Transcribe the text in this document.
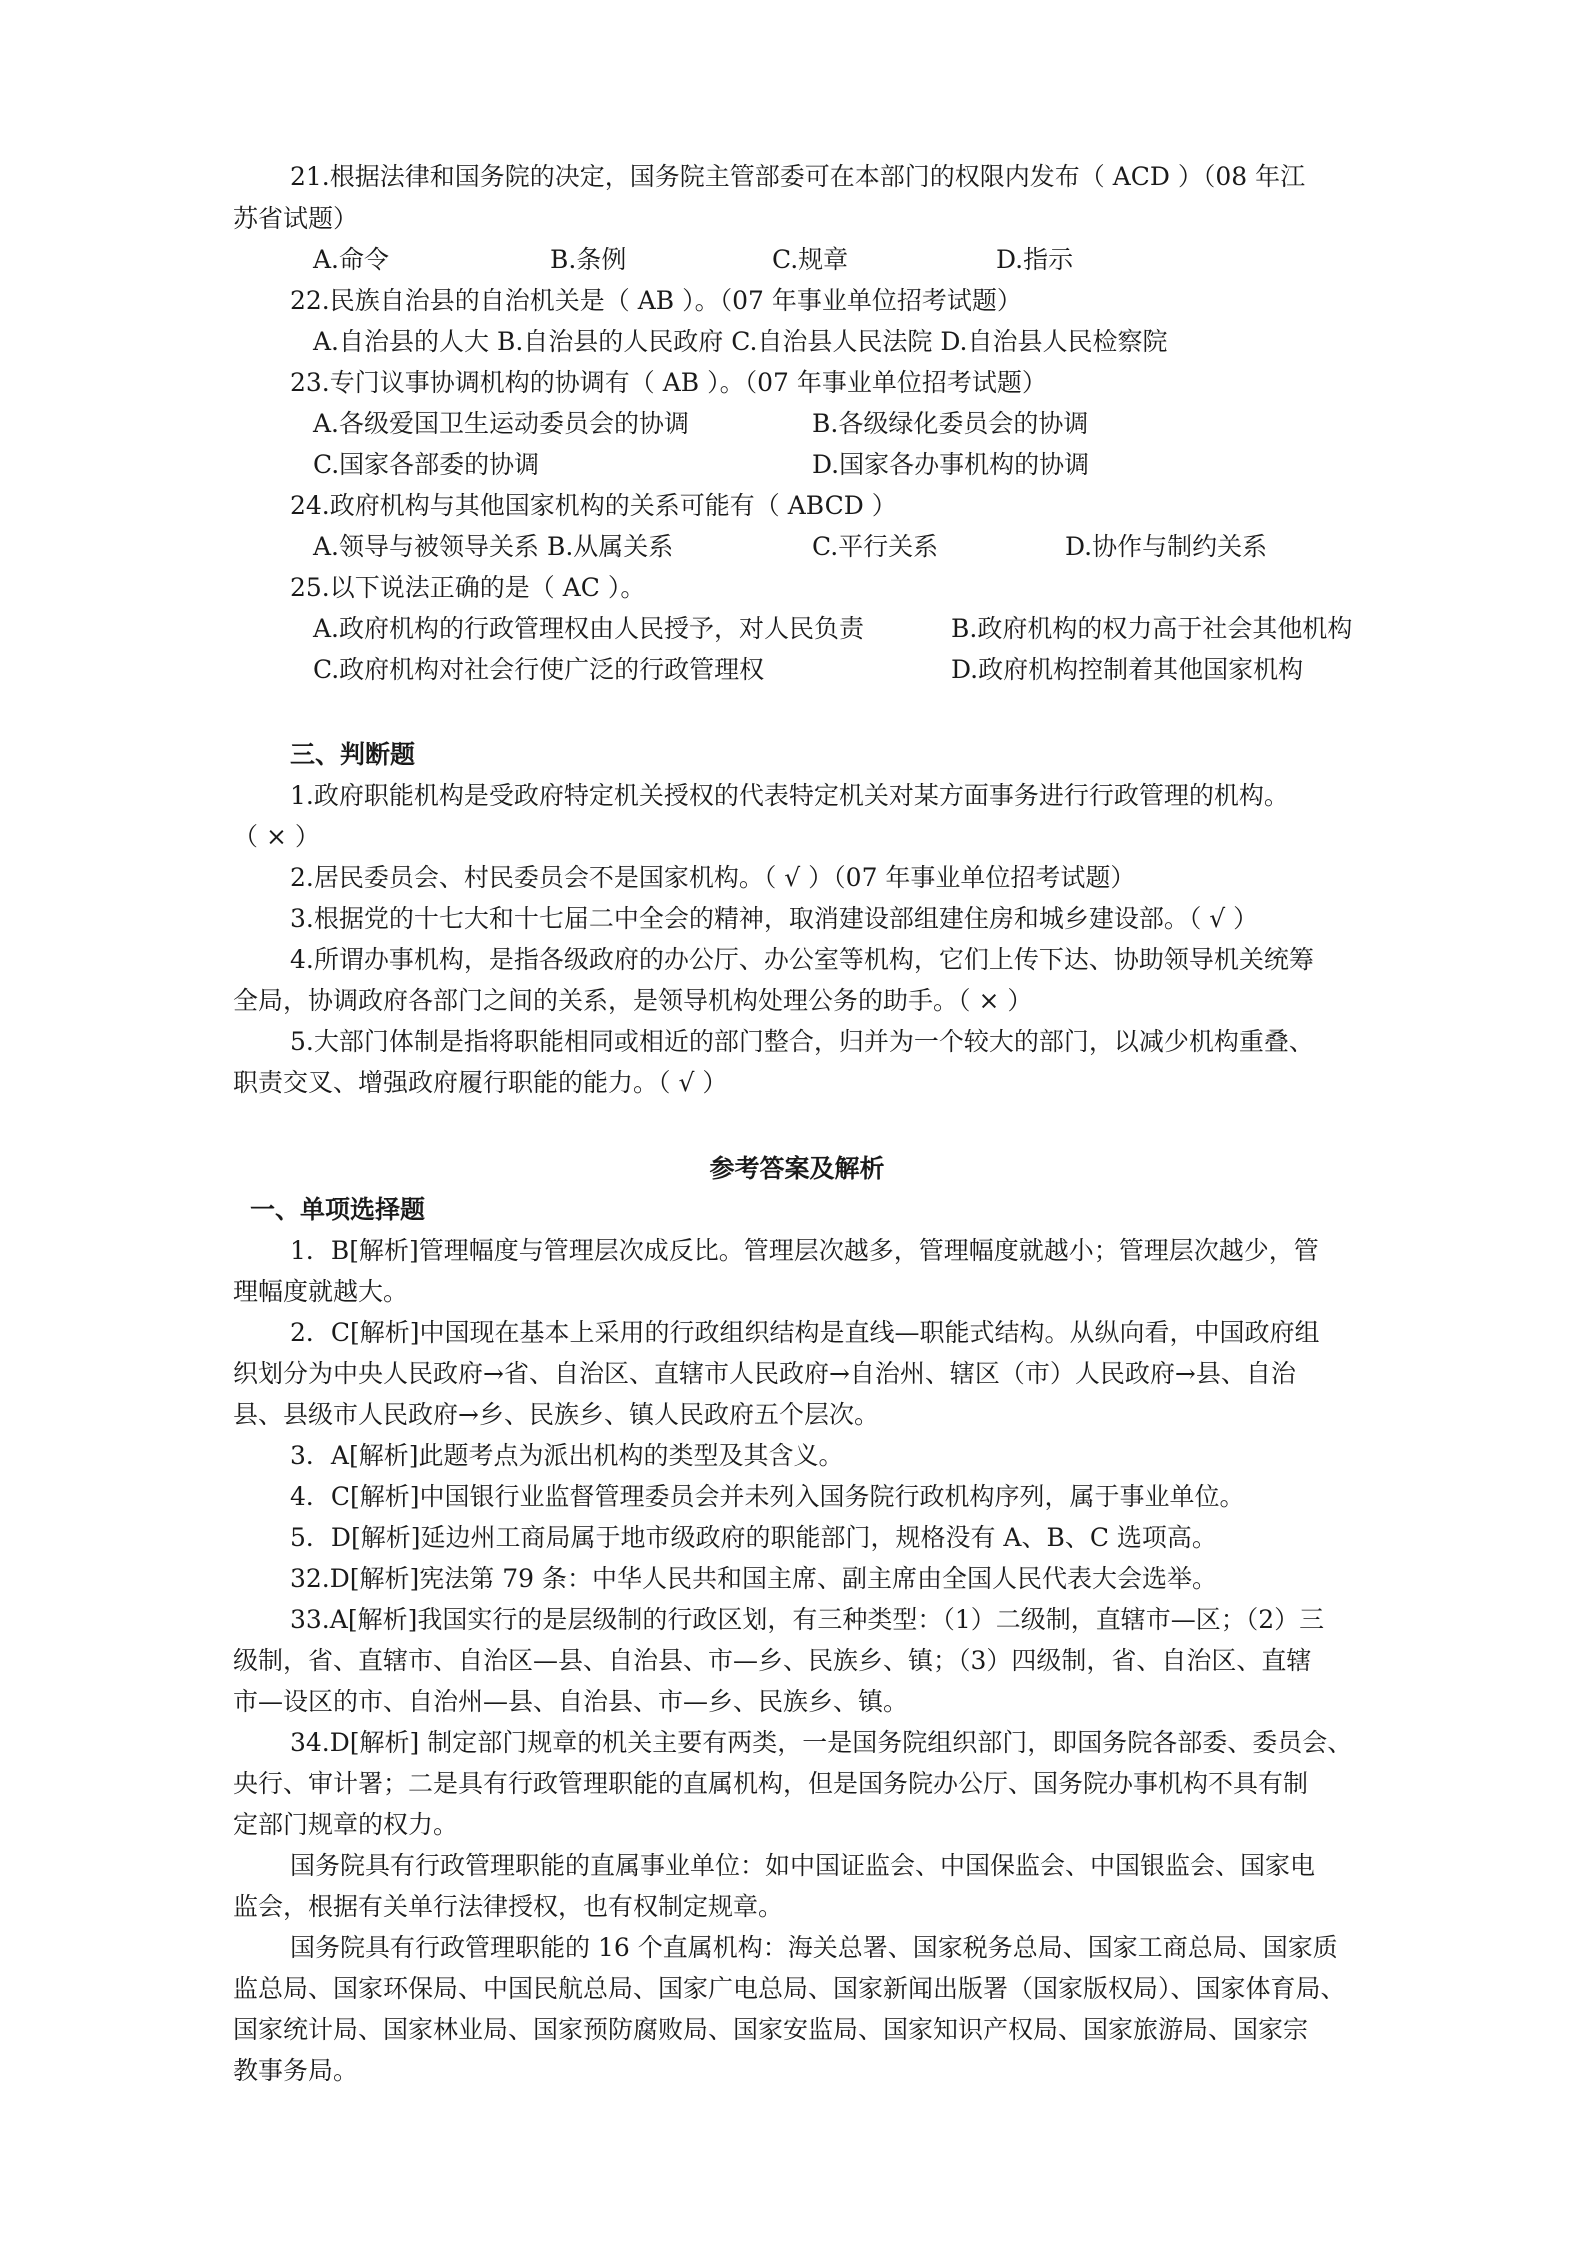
21.根据法律和国务院的决定，国务院主管部委可在本部门的权限内发布（ ACD ）（08 年江

苏省试题）

A.命令	B.条例	C.规章	D.指示

22.民族自治县的自治机关是（ AB ）。（07 年事业单位招考试题）

A.自治县的人大 B.自治县的人民政府 C.自治县人民法院 D.自治县人民检察院

23.专门议事协调机构的协调有（ AB ）。（07 年事业单位招考试题）

A.各级爱国卫生运动委员会的协调	B.各级绿化委员会的协调

C.国家各部委的协调	D.国家各办事机构的协调

24.政府机构与其他国家机构的关系可能有（ ABCD ）

A.领导与被领导关系 B.从属关系	C.平行关系	D.协作与制约关系

25.以下说法正确的是（ AC ）。

A.政府机构的行政管理权由人民授予，对人民负责	B.政府机构的权力高于社会其他机构

C.政府机构对社会行使广泛的行政管理权	D.政府机构控制着其他国家机构

三、判断题

1.政府职能机构是受政府特定机关授权的代表特定机关对某方面事务进行行政管理的机构。

（ × ）

2.居民委员会、村民委员会不是国家机构。（ √ ）（07 年事业单位招考试题）

3.根据党的十七大和十七届二中全会的精神，取消建设部组建住房和城乡建设部。（ √ ）

4.所谓办事机构，是指各级政府的办公厅、办公室等机构，它们上传下达、协助领导机关统筹

全局，协调政府各部门之间的关系，是领导机构处理公务的助手。（ × ）

5.大部门体制是指将职能相同或相近的部门整合，归并为一个较大的部门，以减少机构重叠、

职责交叉、增强政府履行职能的能力。（ √ ）

参考答案及解析

一、单项选择题

1．B[解析]管理幅度与管理层次成反比。管理层次越多，管理幅度就越小；管理层次越少，管

理幅度就越大。

2．C[解析]中国现在基本上采用的行政组织结构是直线—职能式结构。从纵向看，中国政府组

织划分为中央人民政府→省、自治区、直辖市人民政府→自治州、辖区（市）人民政府→县、自治

县、县级市人民政府→乡、民族乡、镇人民政府五个层次。

3．A[解析]此题考点为派出机构的类型及其含义。

4．C[解析]中国银行业监督管理委员会并未列入国务院行政机构序列，属于事业单位。

5．D[解析]延边州工商局属于地市级政府的职能部门，规格没有 A、B、C 选项高。

32.D[解析]宪法第 79 条：中华人民共和国主席、副主席由全国人民代表大会选举。

33.A[解析]我国实行的是层级制的行政区划，有三种类型：（1）二级制，直辖市—区；（2）三

级制，省、直辖市、自治区—县、自治县、市—乡、民族乡、镇；（3）四级制，省、自治区、直辖

市—设区的市、自治州—县、自治县、市—乡、民族乡、镇。

34.D[解析] 制定部门规章的机关主要有两类，一是国务院组织部门，即国务院各部委、委员会、

央行、审计署；二是具有行政管理职能的直属机构，但是国务院办公厅、国务院办事机构不具有制

定部门规章的权力。

国务院具有行政管理职能的直属事业单位：如中国证监会、中国保监会、中国银监会、国家电

监会，根据有关单行法律授权，也有权制定规章。

国务院具有行政管理职能的 16 个直属机构：海关总署、国家税务总局、国家工商总局、国家质

监总局、国家环保局、中国民航总局、国家广电总局、国家新闻出版署（国家版权局）、国家体育局、

国家统计局、国家林业局、国家预防腐败局、国家安监局、国家知识产权局、国家旅游局、国家宗

教事务局。
